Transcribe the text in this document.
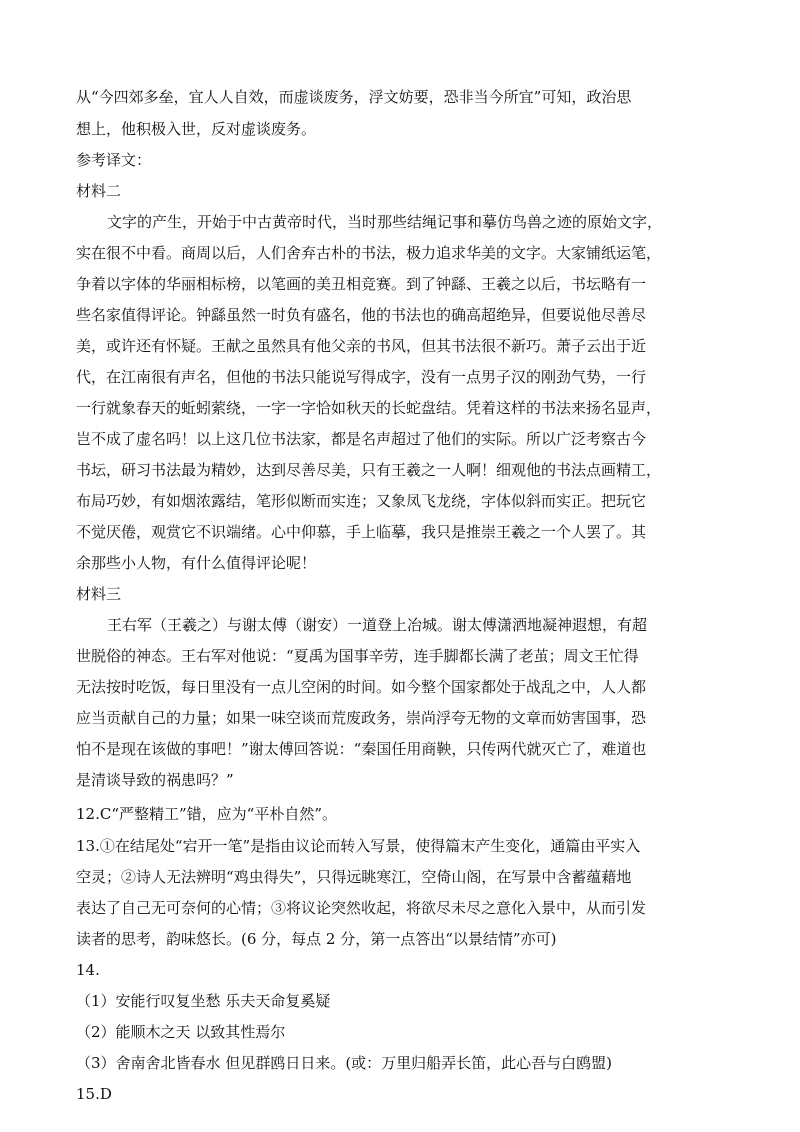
从“今四郊多垒，宜人人自效，而虚谈废务，浮文妨要，恐非当今所宜”可知，政治思
想上，他积极入世，反对虚谈废务。
参考译文：
材料二
文字的产生，开始于中古黄帝时代，当时那些结绳记事和摹仿鸟兽之迹的原始文字，
实在很不中看。商周以后，人们舍弃古朴的书法，极力追求华美的文字。大家铺纸运笔，
争着以字体的华丽相标榜，以笔画的美丑相竞赛。到了钟繇、王羲之以后，书坛略有一
些名家值得评论。钟繇虽然一时负有盛名，他的书法也的确高超绝异，但要说他尽善尽
美，或许还有怀疑。王献之虽然具有他父亲的书风，但其书法很不新巧。萧子云出于近
代，在江南很有声名，但他的书法只能说写得成字，没有一点男子汉的刚劲气势，一行
一行就象春天的蚯蚓萦绕，一字一字恰如秋天的长蛇盘结。凭着这样的书法来扬名显声，
岂不成了虚名吗！以上这几位书法家，都是名声超过了他们的实际。所以广泛考察古今
书坛，研习书法最为精妙，达到尽善尽美，只有王羲之一人啊！细观他的书法点画精工，
布局巧妙，有如烟浓露结，笔形似断而实连；又象凤飞龙绕，字体似斜而实正。把玩它
不觉厌倦，观赏它不识端绪。心中仰慕，手上临摹，我只是推崇王羲之一个人罢了。其
余那些小人物，有什么值得评论呢！
材料三
王右军（王羲之）与谢太傅（谢安）一道登上冶城。谢太傅潇洒地凝神遐想，有超
世脱俗的神态。王右军对他说：“夏禹为国事辛劳，连手脚都长满了老茧；周文王忙得
无法按时吃饭，每日里没有一点儿空闲的时间。如今整个国家都处于战乱之中，人人都
应当贡献自己的力量；如果一味空谈而荒废政务，崇尚浮夸无物的文章而妨害国事，恐
怕不是现在该做的事吧！”谢太傅回答说：“秦国任用商鞅，只传两代就灭亡了，难道也
是清谈导致的祸患吗？”
12.C“严整精工”错，应为“平朴自然”。
13.①在结尾处“宕开一笔”是指由议论而转入写景，使得篇末产生变化，通篇由平实入
空灵；②诗人无法辨明“鸡虫得失”，只得远眺寒江，空倚山阁，在写景中含蓄蕴藉地
表达了自己无可奈何的心情；③将议论突然收起，将欲尽未尽之意化入景中，从而引发
读者的思考，韵味悠长。(6 分，每点 2 分，第一点答出“以景结情”亦可)
14.
（1）安能行叹复坐愁 乐夫天命复奚疑
（2）能顺木之天 以致其性焉尔
（3）舍南舍北皆春水 但见群鸥日日来。(或：万里归船弄长笛，此心吾与白鸥盟)
15.D
